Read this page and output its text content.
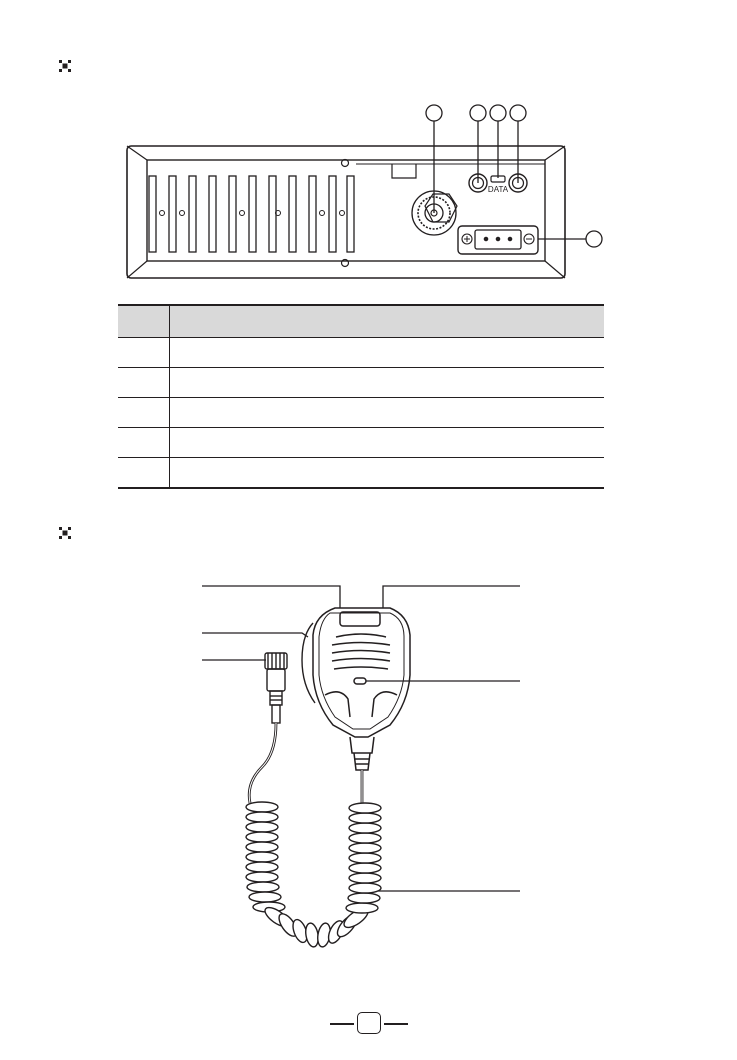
DATA
